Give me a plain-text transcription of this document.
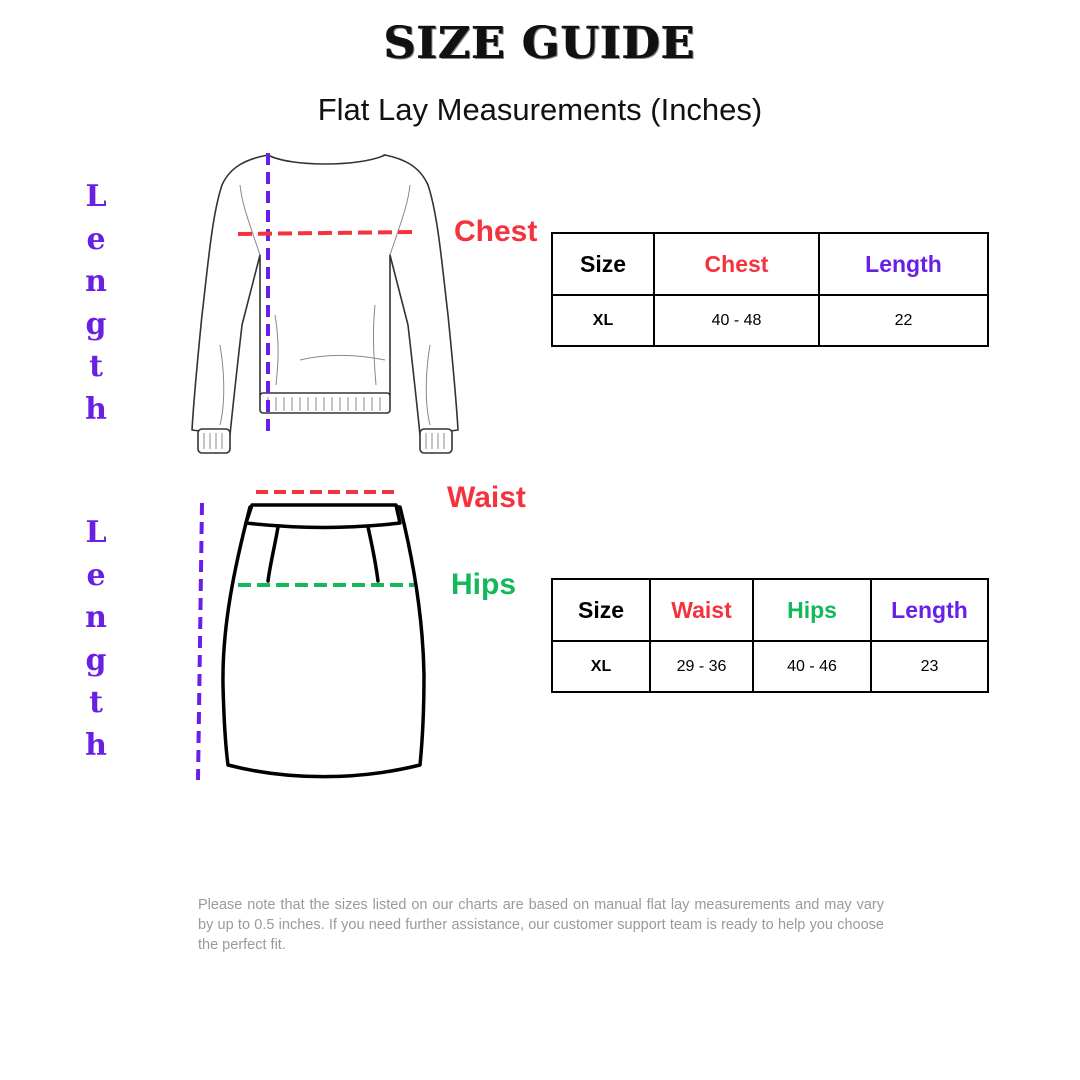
SIZE GUIDE
Flat Lay Measurements (Inches)
L
e
n
g
t
h
Chest
Size	Chest	Length
XL	40 - 48	22
L
e
n
g
t
h
Waist
Hips
Size	Waist	Hips	Length
XL	29 - 36	40 - 46	23
Please note that the sizes listed on our charts are based on manual flat lay measurements and may vary by up to 0.5 inches. If you need further assistance, our customer support team is ready to help you choose the perfect fit.
